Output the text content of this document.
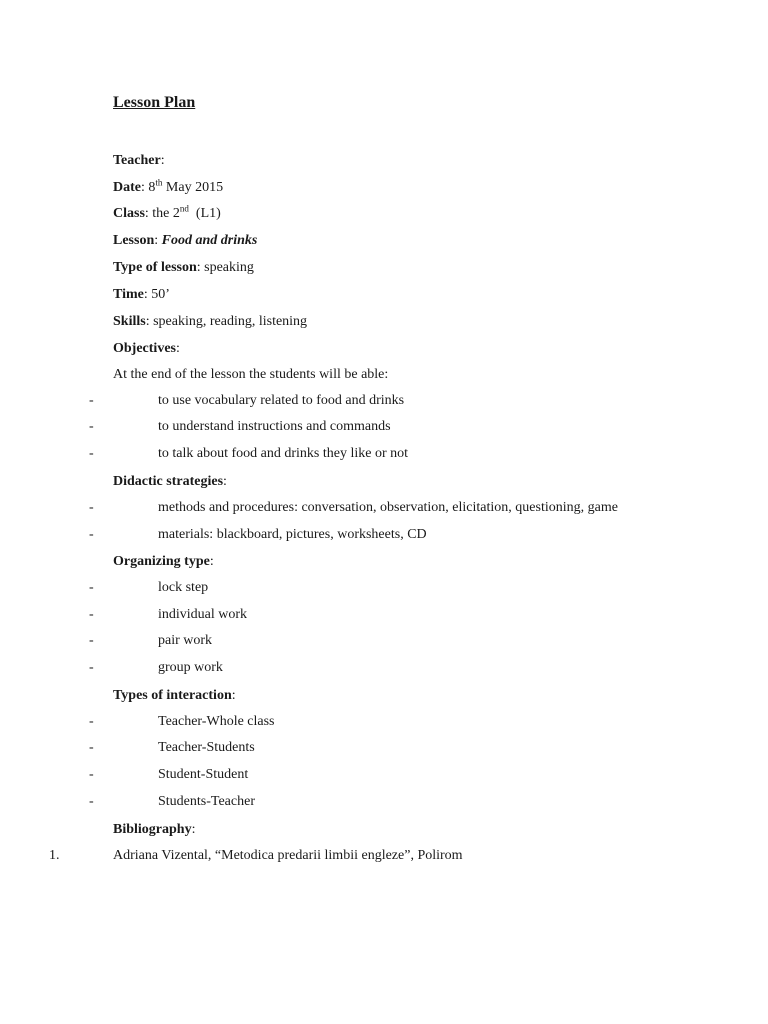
Lesson Plan
Teacher:
Date: 8th May 2015
Class: the 2nd (L1)
Lesson: Food and drinks
Type of lesson: speaking
Time: 50’
Skills: speaking, reading, listening
Objectives:
At the end of the lesson the students will be able:
-	to use vocabulary related to food and drinks
-	to understand instructions and commands
-	to talk about food and drinks they like or not
Didactic strategies:
-	methods and procedures: conversation, observation, elicitation, questioning, game
-	materials: blackboard, pictures, worksheets, CD
Organizing type:
-	lock step
-	individual work
-	pair work
-	group work
Types of interaction:
-	Teacher-Whole class
-	Teacher-Students
-	Student-Student
-	Students-Teacher
Bibliography:
1.	Adriana Vizental, “Metodica predarii limbii engleze”, Polirom
